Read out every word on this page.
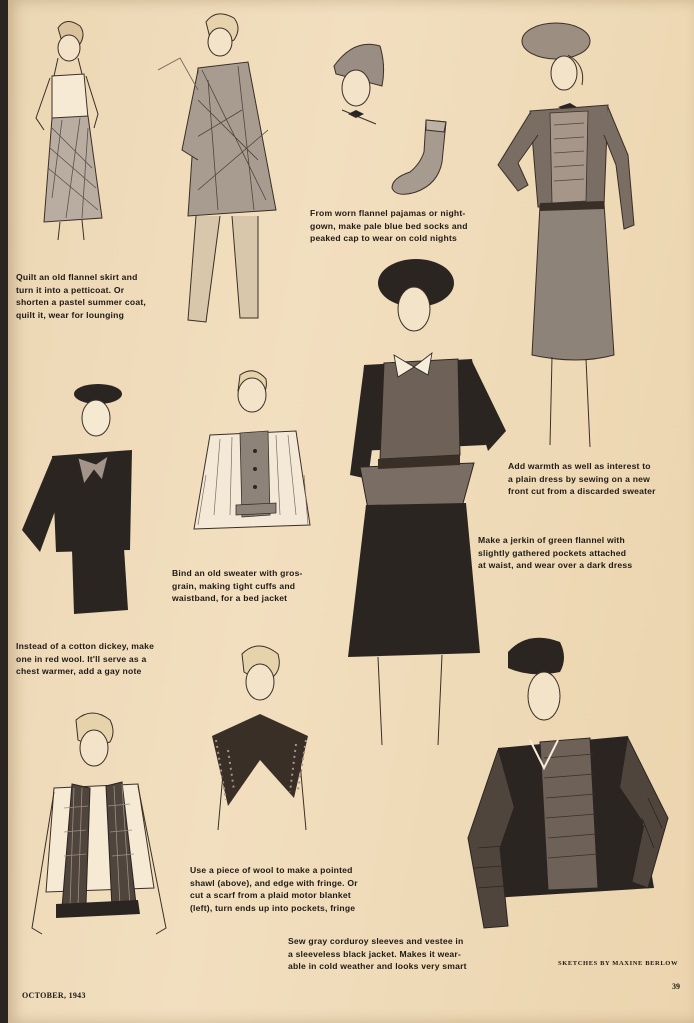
Quilt an old flannel skirt and
turn it into a petticoat. Or
shorten a pastel summer coat,
quilt it, wear for lounging
From worn flannel pajamas or night-
gown, make pale blue bed socks and
peaked cap to wear on cold nights
Add warmth as well as interest to
a plain dress by sewing on a new
front cut from a discarded sweater
Make a jerkin of green flannel with
slightly gathered pockets attached
at waist, and wear over a dark dress
Bind an old sweater with gros-
grain, making tight cuffs and
waistband, for a bed jacket
Instead of a cotton dickey, make
one in red wool. It'll serve as a
chest warmer, add a gay note
Use a piece of wool to make a pointed
shawl (above), and edge with fringe. Or
cut a scarf from a plaid motor blanket
(left), turn ends up into pockets, fringe
Sew gray corduroy sleeves and vestee in
a sleeveless black jacket. Makes it wear-
able in cold weather and looks very smart	SKETCHES BY MAXINE BERLOW
OCTOBER, 1943
39
